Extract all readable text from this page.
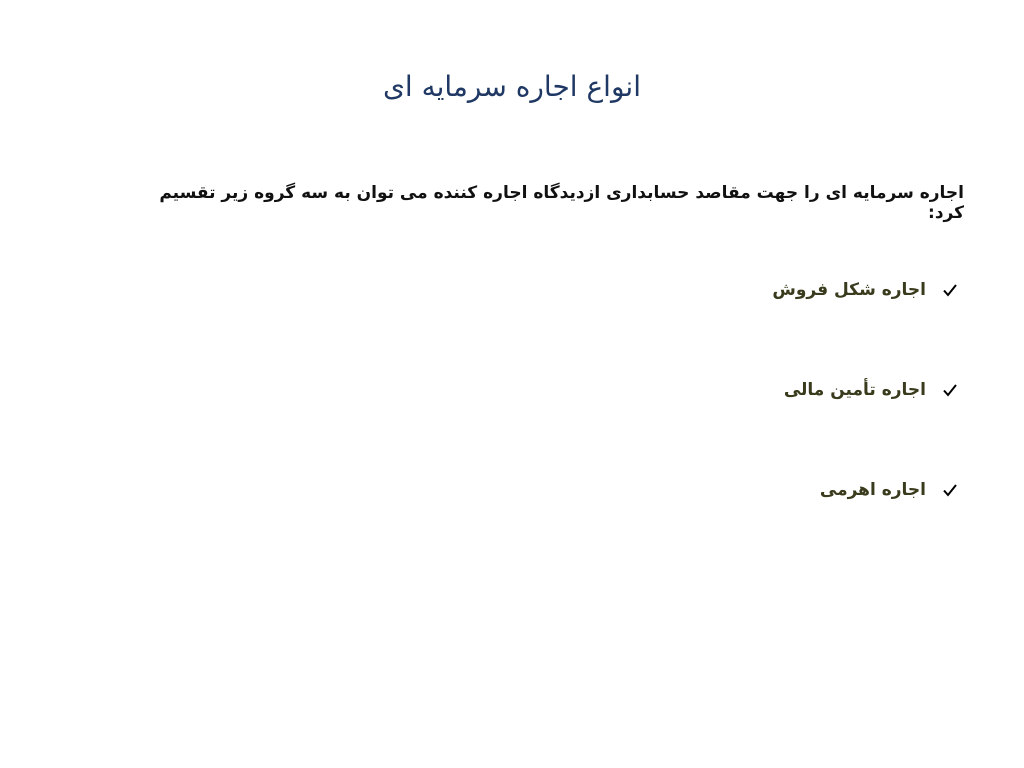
انواع اجاره سرمایه ای
اجاره سرمایه ای را جهت مقاصد حسابداری ازدیدگاه اجاره کننده می توان به سه گروه زیر تقسیم کرد:
اجاره شکل فروش
اجاره تأمین مالی
اجاره اهرمی
